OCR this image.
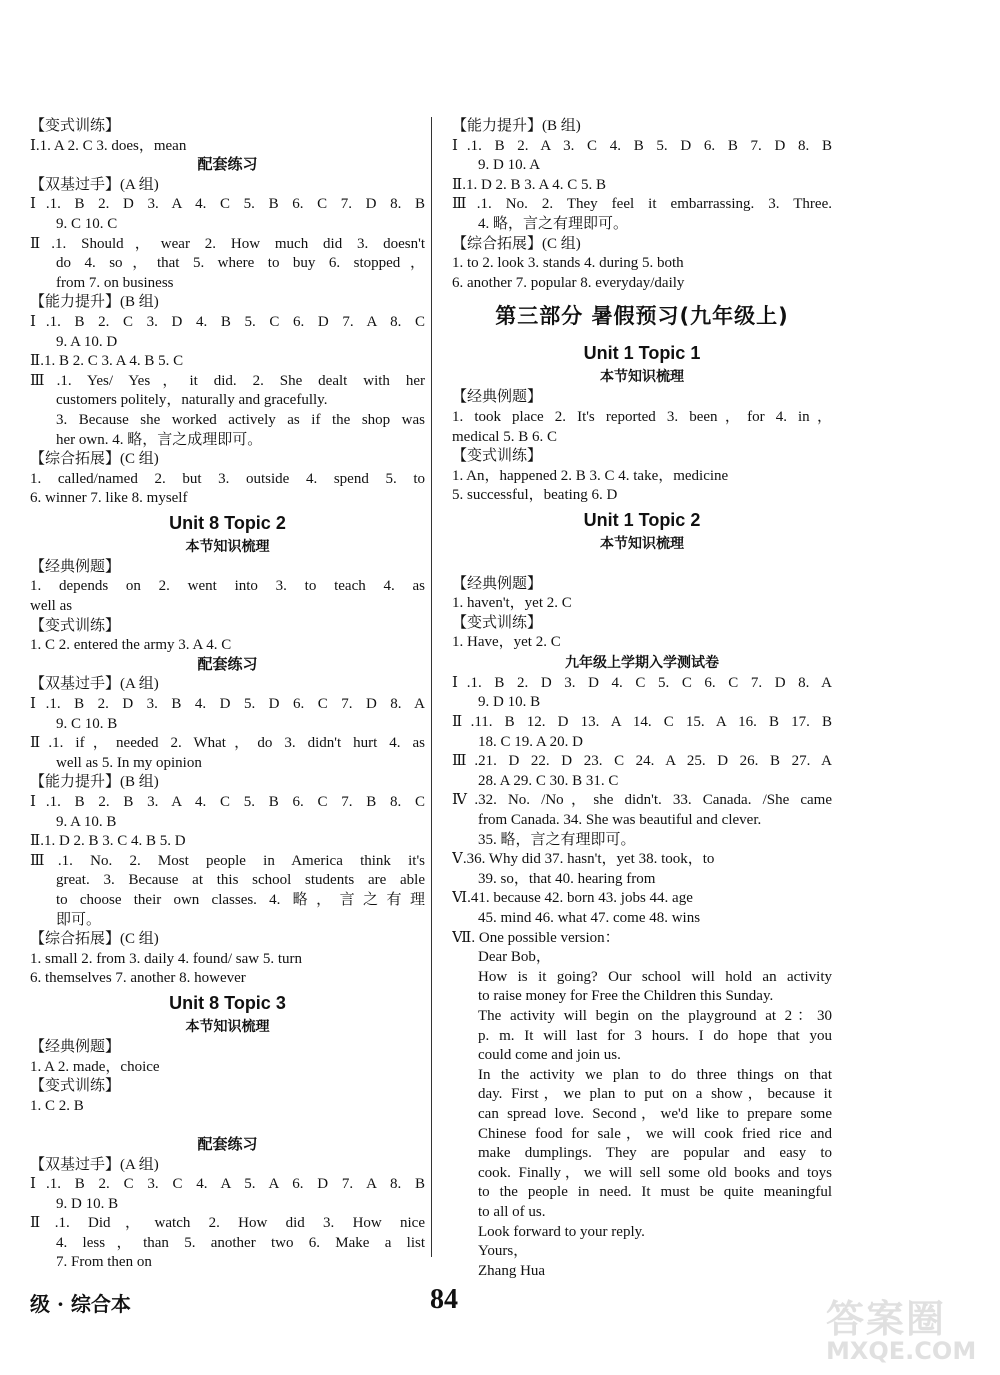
【变式训练】
Ⅰ.1. A 2. C 3. does，mean
配套练习
【双基过手】(A 组)
Ⅰ.1. B 2. D 3. A 4. C 5. B 6. C 7. D 8. B
9. C 10. C
Ⅱ.1. Should，wear 2. How much did 3. doesn't
do 4. so，that 5. where to buy 6. stopped，
from 7. on business
【能力提升】(B 组)
Ⅰ.1. B 2. C 3. D 4. B 5. C 6. D 7. A 8. C
9. A 10. D
Ⅱ.1. B 2. C 3. A 4. B 5. C
Ⅲ.1. Yes/ Yes，it did. 2. She dealt with her
customers politely，naturally and gracefully.
3. Because she worked actively as if the shop was
her own. 4. 略，言之成理即可。
【综合拓展】(C 组)
1. called/named 2. but 3. outside 4. spend 5. to
6. winner 7. like 8. myself
Unit 8 Topic 2
本节知识梳理
【经典例题】
1. depends on 2. went into 3. to teach 4. as
well as
【变式训练】
1. C 2. entered the army 3. A 4. C
配套练习
【双基过手】(A 组)
Ⅰ.1. B 2. D 3. B 4. D 5. D 6. C 7. D 8. A
9. C 10. B
Ⅱ.1. if，needed 2. What，do 3. didn't hurt 4. as
well as 5. In my opinion
【能力提升】(B 组)
Ⅰ.1. B 2. B 3. A 4. C 5. B 6. C 7. B 8. C
9. A 10. B
Ⅱ.1. D 2. B 3. C 4. B 5. D
Ⅲ.1. No. 2. Most people in America think it's
great. 3. Because at this school students are able
to choose their own classes. 4. 略，言之有理
即可。
【综合拓展】(C 组)
1. small 2. from 3. daily 4. found/ saw 5. turn
6. themselves 7. another 8. however
Unit 8 Topic 3
本节知识梳理
【经典例题】
1. A 2. made，choice
【变式训练】
1. C 2. B
配套练习
【双基过手】(A 组)
Ⅰ.1. B 2. C 3. C 4. A 5. A 6. D 7. A 8. B
9. D 10. B
Ⅱ.1. Did，watch 2. How did 3. How nice
4. less，than 5. another two 6. Make a list
7. From then on
【能力提升】(B 组)
Ⅰ.1. B 2. A 3. C 4. B 5. D 6. B 7. D 8. B
9. D 10. A
Ⅱ.1. D 2. B 3. A 4. C 5. B
Ⅲ.1. No. 2. They feel it embarrassing. 3. Three.
4. 略，言之有理即可。
【综合拓展】(C 组)
1. to 2. look 3. stands 4. during 5. both
6. another 7. popular 8. everyday/daily
第三部分 暑假预习(九年级上)
Unit 1 Topic 1
本节知识梳理
【经典例题】
1. took place 2. It's reported 3. been，for 4. in，
medical 5. B 6. C
【变式训练】
1. An，happened 2. B 3. C 4. take，medicine
5. successful，beating 6. D
Unit 1 Topic 2
本节知识梳理
【经典例题】
1. haven't，yet 2. C
【变式训练】
1. Have，yet 2. C
九年级上学期入学测试卷
Ⅰ.1. B 2. D 3. D 4. C 5. C 6. C 7. D 8. A
9. D 10. B
Ⅱ.11. B 12. D 13. A 14. C 15. A 16. B 17. B
18. C 19. A 20. D
Ⅲ.21. D 22. D 23. C 24. A 25. D 26. B 27. A
28. A 29. C 30. B 31. C
Ⅳ.32. No. /No，she didn't. 33. Canada. /She came
from Canada. 34. She was beautiful and clever.
35. 略，言之有理即可。
Ⅴ.36. Why did 37. hasn't，yet 38. took，to
39. so，that 40. hearing from
Ⅵ.41. because 42. born 43. jobs 44. age
45. mind 46. what 47. come 48. wins
Ⅶ. One possible version：
Dear Bob，
How is it going? Our school will hold an activity
to raise money for Free the Children this Sunday.
The activity will begin on the playground at 2：30
p. m. It will last for 3 hours. I do hope that you
could come and join us.
In the activity we plan to do three things on that
day. First，we plan to put on a show，because it
can spread love. Second，we'd like to prepare some
Chinese food for sale，we will cook fried rice and
make dumplings. They are popular and easy to
cook. Finally，we will sell some old books and toys
to the people in need. It must be quite meaningful
to all of us.
Look forward to your reply.
Yours，
Zhang Hua
级 · 综合本	84	答案圈
MXQE.COM
